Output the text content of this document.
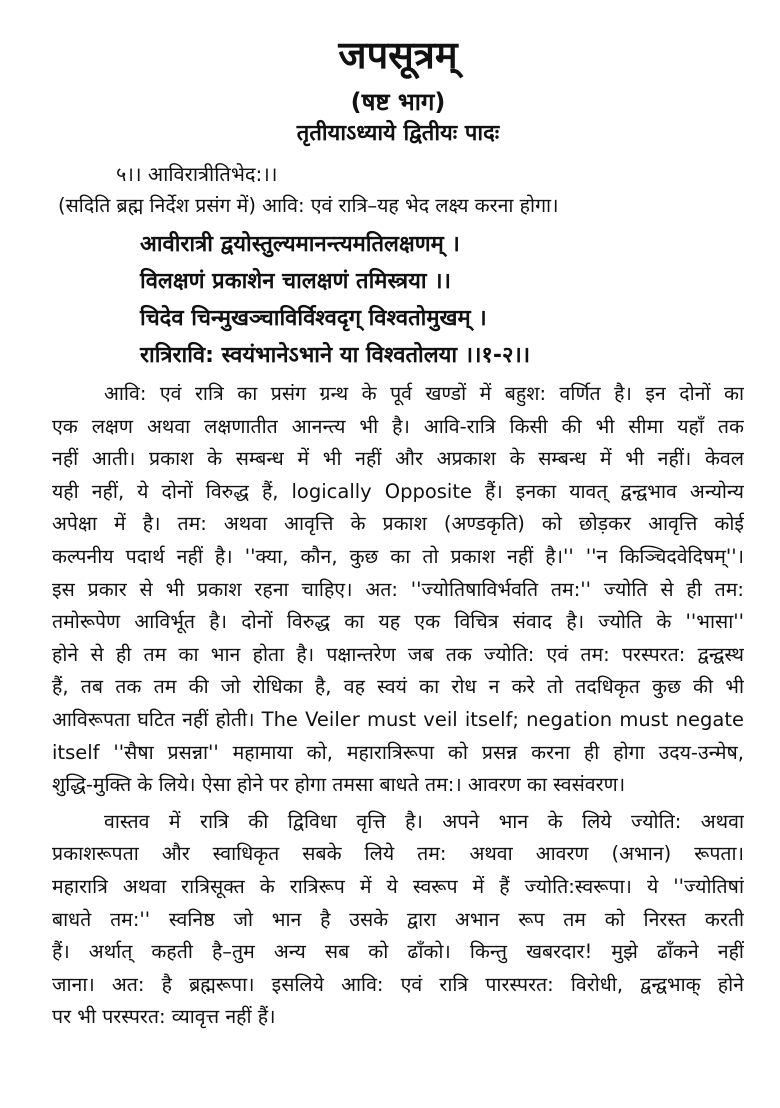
जपसूत्रम्
(षष्ट भाग)
तृतीयाऽध्याये द्वितीयः पादः

५।। आविरात्रीतिभेद:।।

(सदिति ब्रह्म निर्देश प्रसंग में) आवि: एवं रात्रि–यह भेद लक्ष्य करना होगा।

आवीरात्री द्वयोस्तुल्यमानन्त्यमतिलक्षणम् ।
विलक्षणं प्रकाशेन चालक्षणं तमिस्त्रया ।।
चिदेव चिन्मुखञ्चाविर्विश्वदृग् विश्वतोमुखम् ।
रात्रिरावि: स्वयंभानेऽभाने या विश्वतोलया ।।१-२।।

आवि: एवं रात्रि का प्रसंग ग्रन्थ के पूर्व खण्डों में बहुश: वर्णित है। इन दोनों का
एक लक्षण अथवा लक्षणातीत आनन्त्य भी है। आवि-रात्रि किसी की भी सीमा यहाँ तक
नहीं आती। प्रकाश के सम्बन्ध में भी नहीं और अप्रकाश के सम्बन्ध में भी नहीं। केवल
यही नहीं, ये दोनों विरुद्ध हैं, logically Opposite हैं। इनका यावत् द्वन्द्वभाव अन्योन्य
अपेक्षा में है। तम: अथवा आवृत्ति के प्रकाश (अण्डकृति) को छोड़कर आवृत्ति कोई
कल्पनीय पदार्थ नहीं है। ''क्या, कौन, कुछ का तो प्रकाश नहीं है।'' ''न किञ्चिदवेदिषम्''।
इस प्रकार से भी प्रकाश रहना चाहिए। अत: ''ज्योतिषाविर्भवति तम:'' ज्योति से ही तम:
तमोरूपेण आविर्भूत है। दोनों विरुद्ध का यह एक विचित्र संवाद है। ज्योति के ''भासा''
होने से ही तम का भान होता है। पक्षान्तरेण जब तक ज्योति: एवं तम: परस्परत: द्वन्द्वस्थ
हैं, तब तक तम की जो रोधिका है, वह स्वयं का रोध न करे तो तदधिकृत कुछ की भी
आविरूपता घटित नहीं होती। The Veiler must veil itself; negation must negate
itself ''सैषा प्रसन्ना'' महामाया को, महारात्रिरूपा को प्रसन्न करना ही होगा उदय-उन्मेष,
शुद्धि-मुक्ति के लिये। ऐसा होने पर होगा तमसा बाधते तम:। आवरण का स्वसंवरण।

वास्तव में रात्रि की द्विविधा वृत्ति है। अपने भान के लिये ज्योति: अथवा
प्रकाशरूपता और स्वाधिकृत सबके लिये तम: अथवा आवरण (अभान) रूपता।
महारात्रि अथवा रात्रिसूक्त के रात्रिरूप में ये स्वरूप में हैं ज्योति:स्वरूपा। ये ''ज्योतिषां
बाधते तम:'' स्वनिष्ठ जो भान है उसके द्वारा अभान रूप तम को निरस्त करती
हैं। अर्थात् कहती है–तुम अन्य सब को ढाँको। किन्तु खबरदार! मुझे ढाँकने नहीं
जाना। अत: है ब्रह्मरूपा। इसलिये आवि: एवं रात्रि पारस्परत: विरोधी, द्वन्द्वभाक् होने
पर भी परस्परत: व्यावृत्त नहीं हैं।
